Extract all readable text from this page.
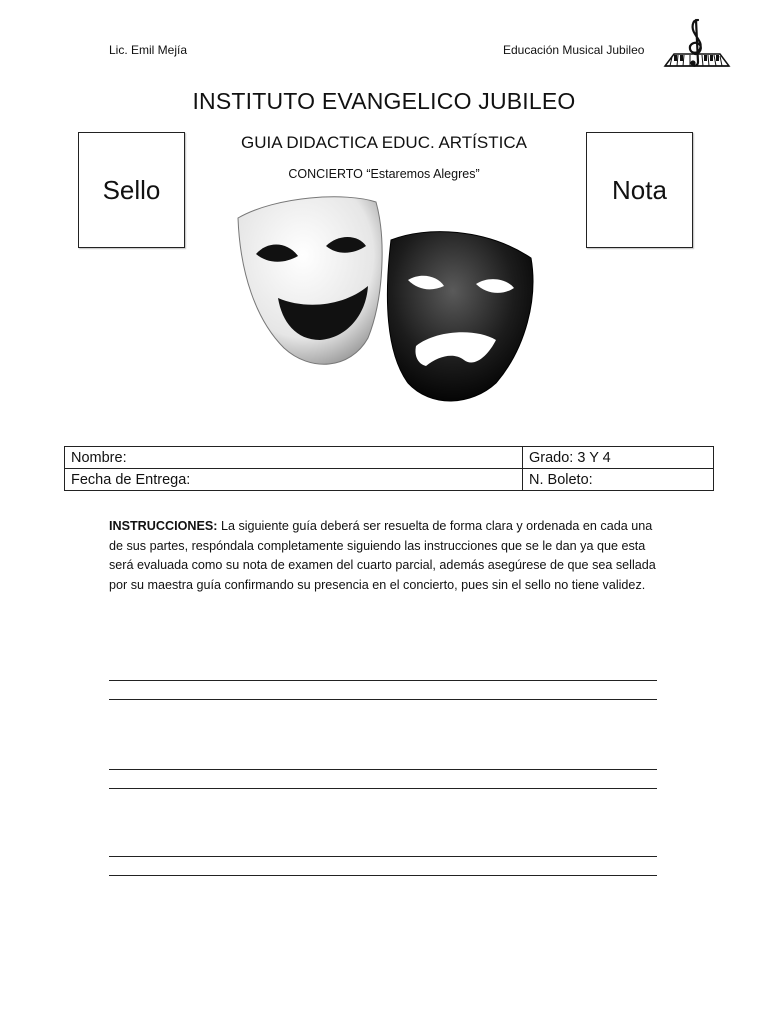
Lic. Emil Mejía	Educación Musical Jubileo
INSTITUTO EVANGELICO JUBILEO
GUIA DIDACTICA EDUC. ARTÍSTICA
CONCIERTO “Estaremos Alegres”
Sello	Nota
Nombre:	Grado: 3 Y 4
Fecha de Entrega:	N. Boleto:
INSTRUCCIONES: La siguiente guía deberá ser resuelta de forma clara y ordenada en cada una de sus partes, respóndala completamente siguiendo las instrucciones que se le dan ya que esta será evaluada como su nota de examen del cuarto parcial, además asegúrese de que sea sellada por su maestra guía confirmando su presencia en el concierto, pues sin el sello no tiene validez.
